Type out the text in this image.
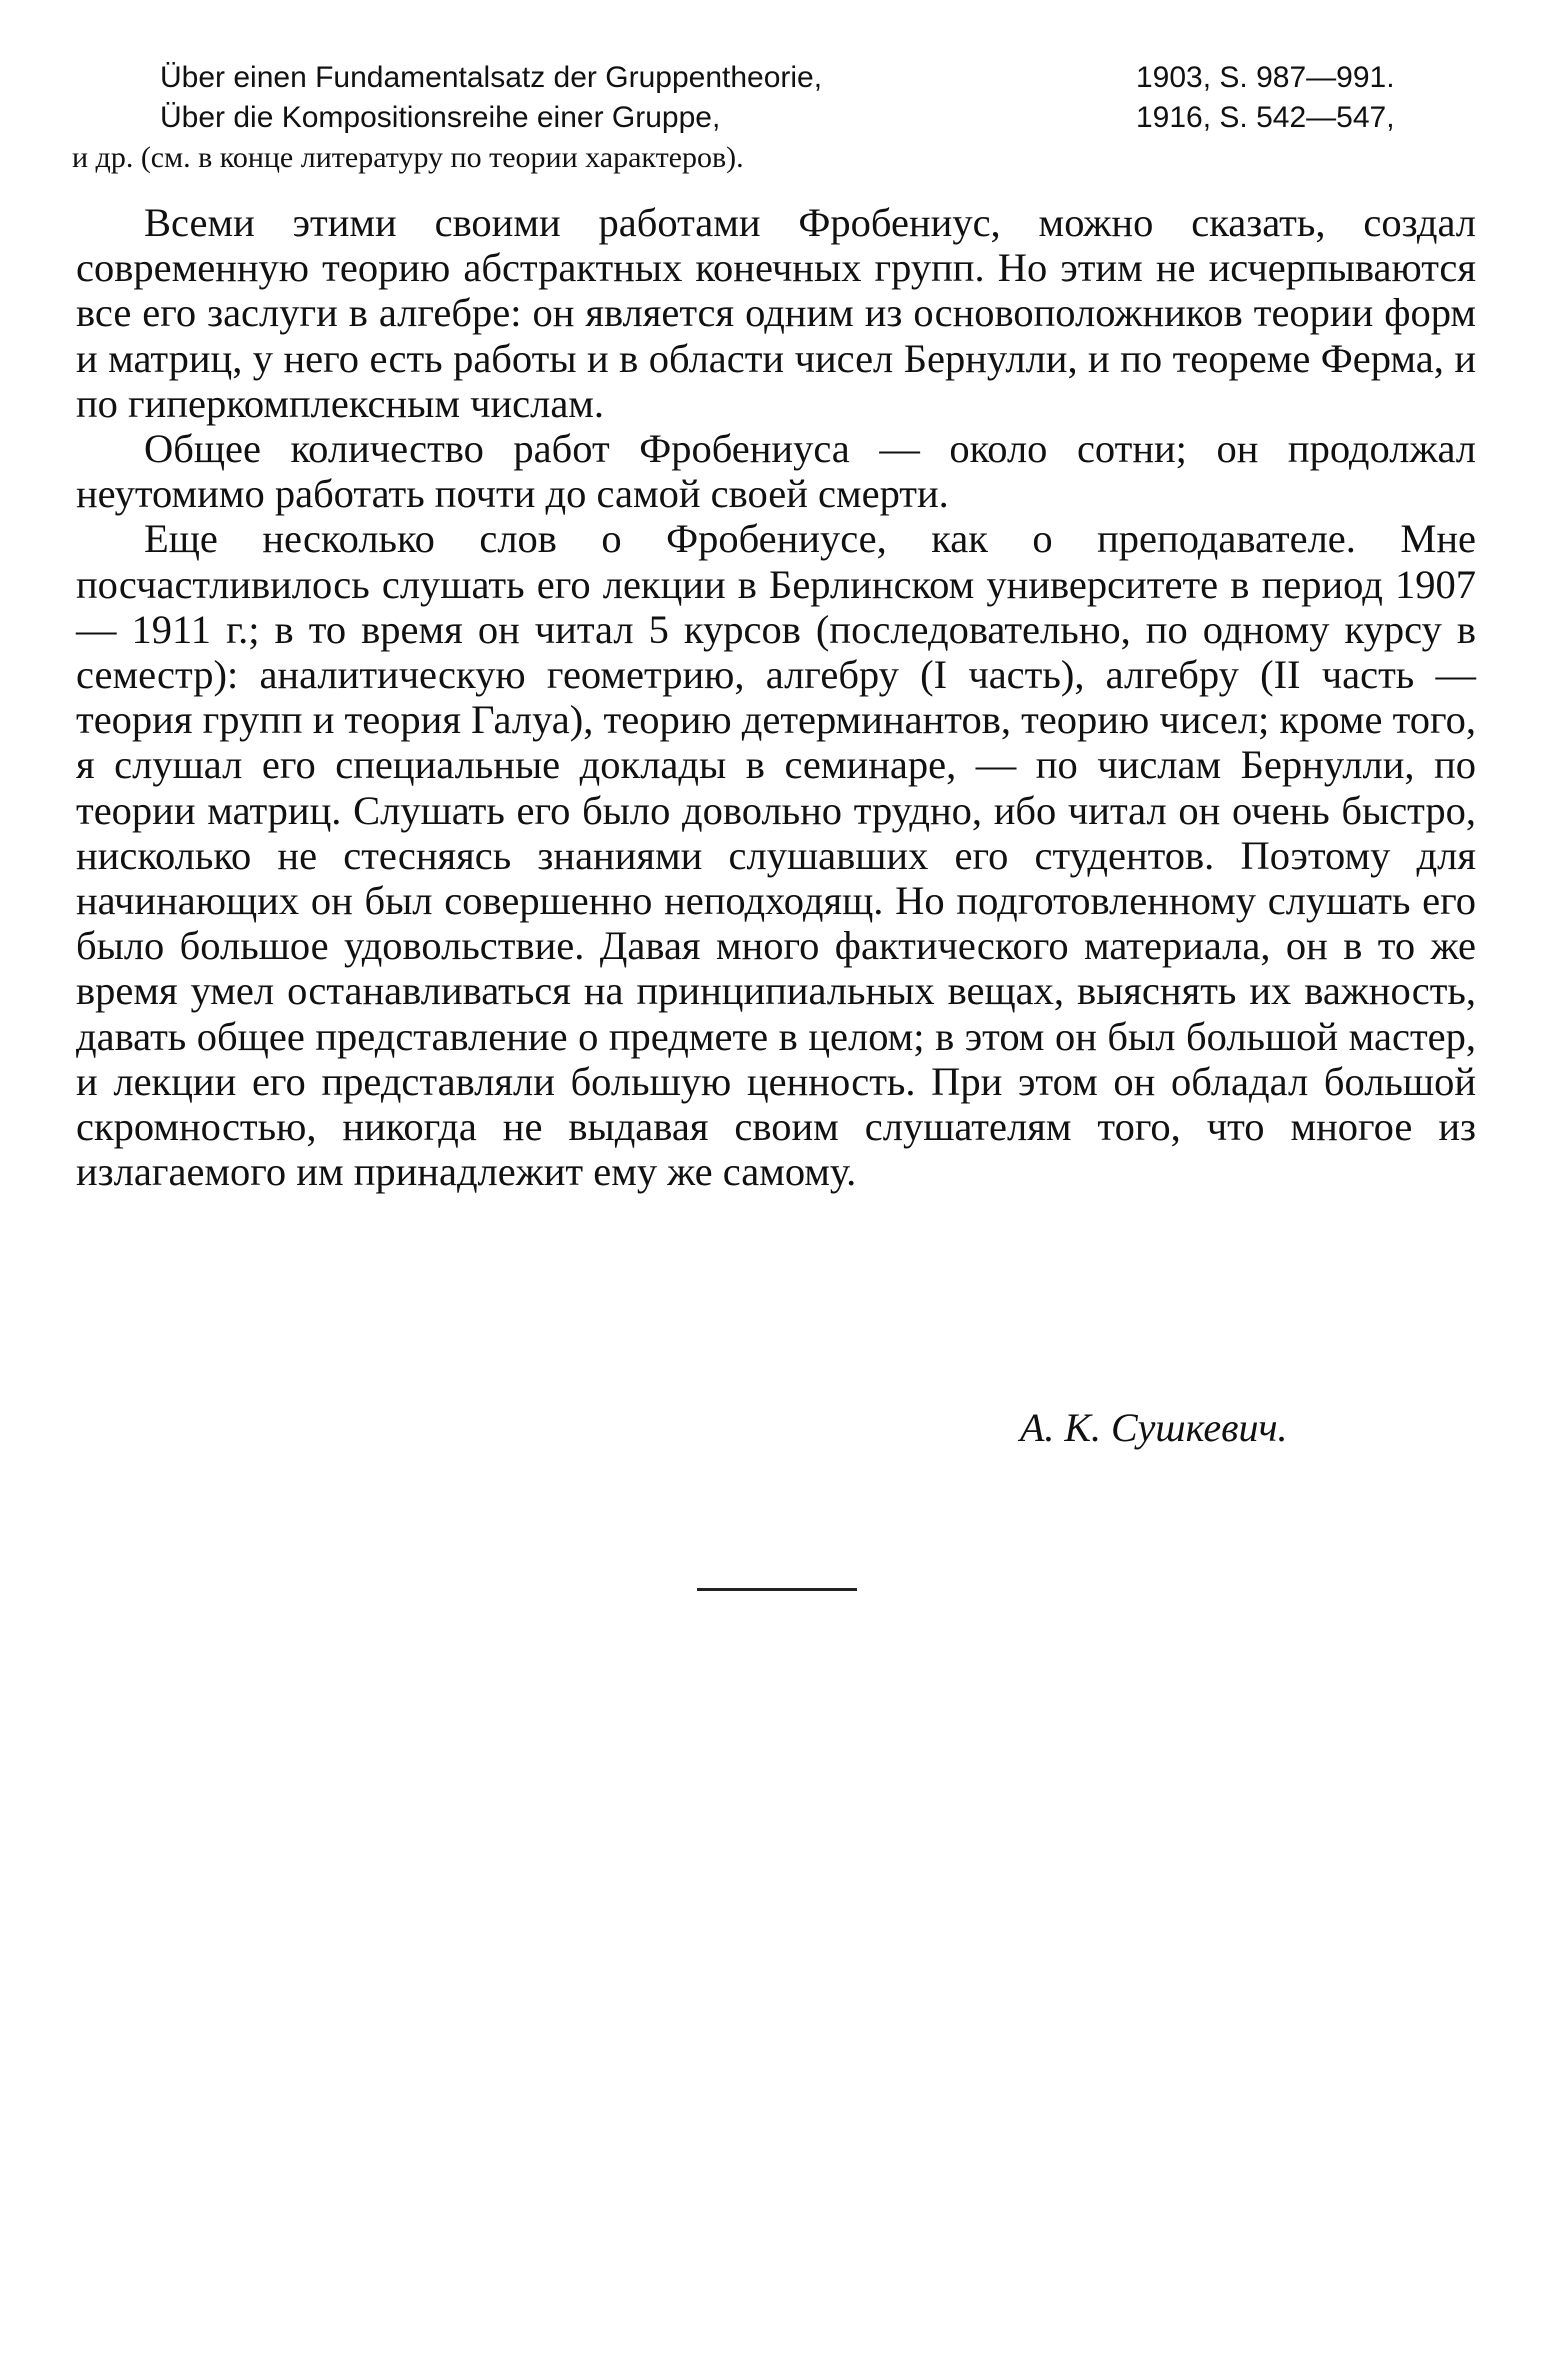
Über einen Fundamentalsatz der Gruppentheorie,	1903, S. 987—991.
Über die Kompositionsreihe einer Gruppe,	1916, S. 542—547,
и др. (см. в конце литературу по теории характеров).

Всеми этими своими работами Фробениус, можно сказать, создал современную теорию абстрактных конечных групп. Но этим не исчерпываются все его заслуги в алгебре: он является одним из основоположников теории форм и матриц, у него есть работы и в области чисел Бернулли, и по теореме Ферма, и по гиперкомплексным числам.

Общее количество работ Фробениуса — около сотни; он продолжал неутомимо работать почти до самой своей смерти.

Еще несколько слов о Фробениусе, как о преподавателе. Мне посчастливилось слушать его лекции в Берлинском университете в период 1907 — 1911 г.; в то время он читал 5 курсов (последовательно, по одному курсу в семестр): аналитическую геометрию, алгебру (I часть), алгебру (II часть — теория групп и теория Галуа), теорию детерминантов, теорию чисел; кроме того, я слушал его специальные доклады в семинаре, — по числам Бернулли, по теории матриц. Слушать его было довольно трудно, ибо читал он очень быстро, нисколько не стесняясь знаниями слушавших его студентов. Поэтому для начинающих он был совершенно неподходящ. Но подготовленному слушать его было большое удовольствие. Давая много фактического материала, он в то же время умел останавливаться на принципиальных вещах, выяснять их важность, давать общее представление о предмете в целом; в этом он был большой мастер, и лекции его представляли большую ценность. При этом он обладал большой скромностью, никогда не выдавая своим слушателям того, что многое из излагаемого им принадлежит ему же самому.

А. К. Сушкевич.
